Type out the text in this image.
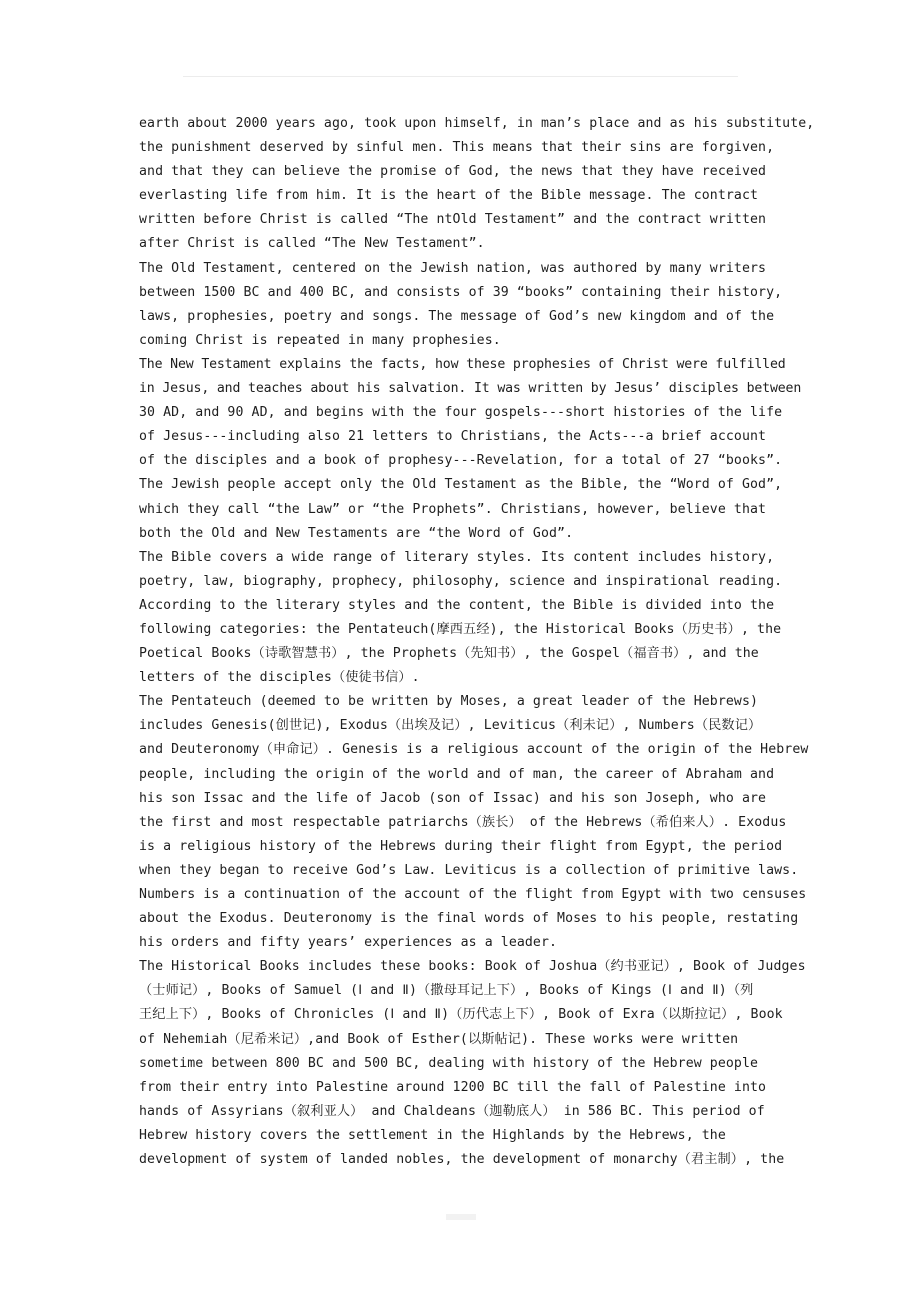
earth about 2000 years ago, took upon himself, in man’s place and as his substitute,
the punishment deserved by sinful men. This means that their sins are forgiven,
and that they can believe the promise of God, the news that they have received
everlasting life from him. It is the heart of the Bible message. The contract
written before Christ is called “The ntOld Testament” and the contract written
after Christ is called “The New Testament”.
The Old Testament, centered on the Jewish nation, was authored by many writers
between 1500 BC and 400 BC, and consists of 39 “books” containing their history,
laws, prophesies, poetry and songs. The message of God’s new kingdom and of the
coming Christ is repeated in many prophesies.
The New Testament explains the facts, how these prophesies of Christ were fulfilled
in Jesus, and teaches about his salvation. It was written by Jesus’ disciples between
30 AD, and 90 AD, and begins with the four gospels---short histories of the life
of Jesus---including also 21 letters to Christians, the Acts---a brief account
of the disciples and a book of prophesy---Revelation, for a total of 27 “books”.
The Jewish people accept only the Old Testament as the Bible, the “Word of God”,
which they call “the Law” or “the Prophets”. Christians, however, believe that
both the Old and New Testaments are “the Word of God”.
The Bible covers a wide range of literary styles. Its content includes history,
poetry, law, biography, prophecy, philosophy, science and inspirational reading.
According to the literary styles and the content, the Bible is divided into the
following categories: the Pentateuch(摩西五经), the Historical Books（历史书）, the
Poetical Books（诗歌智慧书）, the Prophets（先知书）, the Gospel（福音书）, and the
letters of the disciples（使徒书信）.
The Pentateuch (deemed to be written by Moses, a great leader of the Hebrews)
includes Genesis(创世记), Exodus（出埃及记）, Leviticus（利未记）, Numbers（民数记）
and Deuteronomy（申命记）. Genesis is a religious account of the origin of the Hebrew
people, including the origin of the world and of man, the career of Abraham and
his son Issac and the life of Jacob (son of Issac) and his son Joseph, who are
the first and most respectable patriarchs（族长） of the Hebrews（希伯来人）. Exodus
is a religious history of the Hebrews during their flight from Egypt, the period
when they began to receive God’s Law. Leviticus is a collection of primitive laws.
Numbers is a continuation of the account of the flight from Egypt with two censuses
about the Exodus. Deuteronomy is the final words of Moses to his people, restating
his orders and fifty years’ experiences as a leader.
The Historical Books includes these books: Book of Joshua（约书亚记）, Book of Judges
（士师记）, Books of Samuel (Ⅰ and Ⅱ)（撒母耳记上下）, Books of Kings (Ⅰ and Ⅱ)（列
王纪上下）, Books of Chronicles (Ⅰ and Ⅱ)（历代志上下）, Book of Exra（以斯拉记）, Book
of Nehemiah（尼希米记）,and Book of Esther(以斯帖记). These works were written
sometime between 800 BC and 500 BC, dealing with history of the Hebrew people
from their entry into Palestine around 1200 BC till the fall of Palestine into
hands of Assyrians（叙利亚人） and Chaldeans（迦勒底人） in 586 BC. This period of
Hebrew history covers the settlement in the Highlands by the Hebrews, the
development of system of landed nobles, the development of monarchy（君主制）, the
